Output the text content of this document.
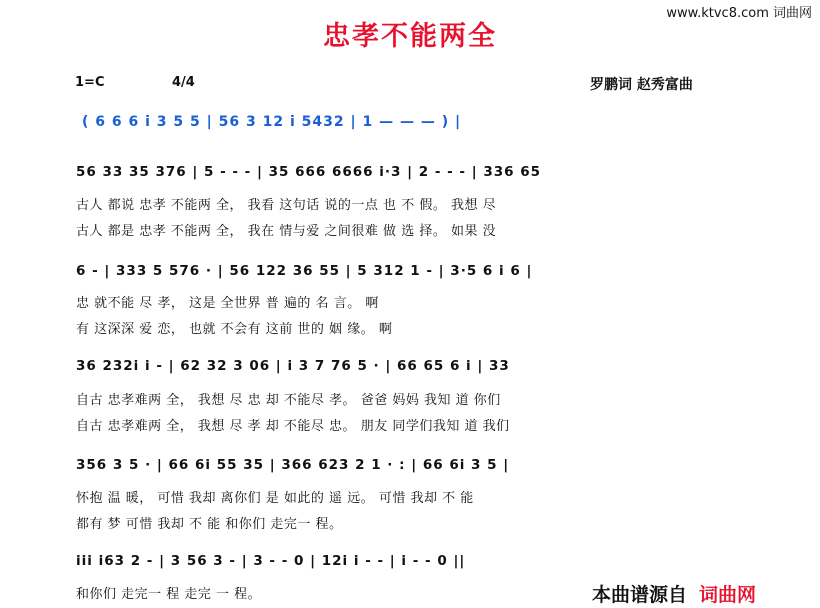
www.ktvc8.com 词曲网
忠孝不能两全
1=C	4/4	罗鹏词 赵秀富曲
( 6 6 6 i 3 5 5 | 56 3 12 i 5432 | 1 — — — ) |
56 33 35 376 | 5 - - - | 35 666 6666 i·3 | 2 - - - | 336 65
古人 都说 忠孝 不能两 全， 我看 这句话 说的一点 也 不 假。 我想 尽
古人 都是 忠孝 不能两 全， 我在 情与爱 之间很难 做 选 择。 如果 没
6 - | 333 5 576 · | 56 122 36 55 | 5 312 1 - | 3·5 6 i 6 |
忠 就不能 尽 孝， 这是 全世界 普 遍的 名 言。 啊
有 这深深 爱 恋， 也就 不会有 这前 世的 姻 缘。 啊
36 232i i - | 62 32 3 06 | i 3 7 76 5 · | 66 65 6 i | 33
自古 忠孝难两 全， 我想 尽 忠 却 不能尽 孝。 爸爸 妈妈 我知 道 你们
自古 忠孝难两 全， 我想 尽 孝 却 不能尽 忠。 朋友 同学们我知 道 我们
356 3 5 · | 66 6i 55 35 | 366 623 2 1 · : | 66 6i 3 5 |
怀抱 温 暖， 可惜 我却 离你们 是 如此的 遥 远。 可惜 我却 不 能
都有 梦 可惜 我却 不 能 和你们 走完一 程。
iii i63 2 - | 3 56 3 - | 3 - - 0 | 12i i - - | i - - 0 ||
和你们 走完一 程 走完 一 程。	本曲谱源自 词曲网
